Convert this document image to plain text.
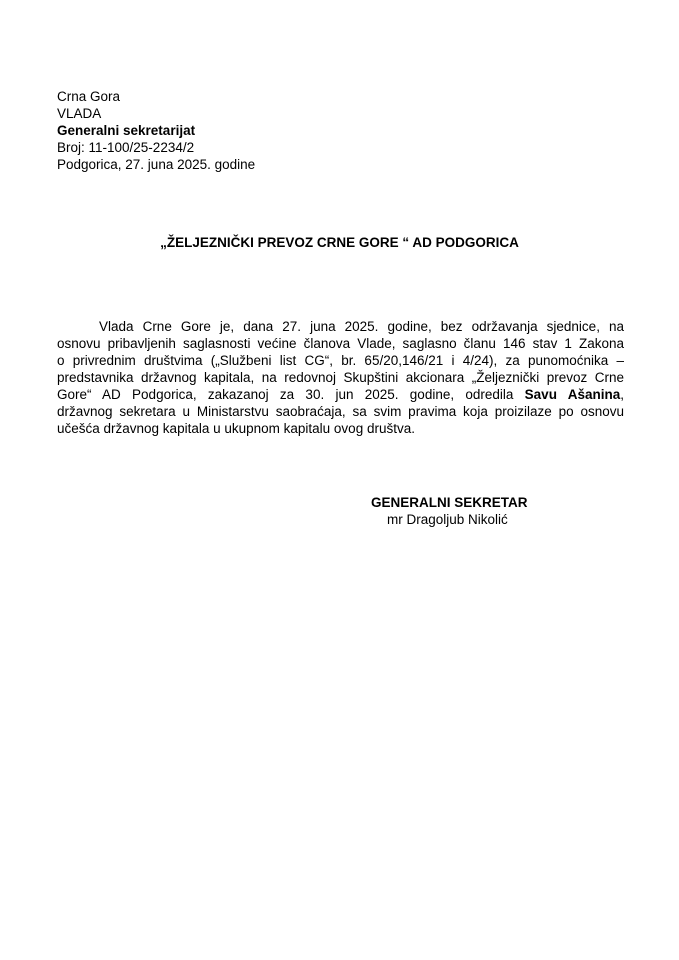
Crna Gora
VLADA
Generalni sekretarijat
Broj: 11-100/25-2234/2
Podgorica, 27. juna 2025. godine
„ŽELJEZNIČKI PREVOZ CRNE GORE “ AD PODGORICA
Vlada Crne Gore je, dana 27. juna 2025. godine, bez održavanja sjednice, na
osnovu pribavljenih saglasnosti većine članova Vlade, saglasno članu 146 stav 1 Zakona
o privrednim društvima („Službeni list CG“, br. 65/20,146/21 i 4/24), za punomoćnika –
predstavnika državnog kapitala, na redovnoj Skupštini akcionara „Željeznički prevoz Crne
Gore“ AD Podgorica, zakazanoj za 30. jun 2025. godine, odredila Savu Ašanina,
državnog sekretara u Ministarstvu saobraćaja, sa svim pravima koja proizilaze po osnovu
učešća državnog kapitala u ukupnom kapitalu ovog društva.
GENERALNI SEKRETAR
mr Dragoljub Nikolić
